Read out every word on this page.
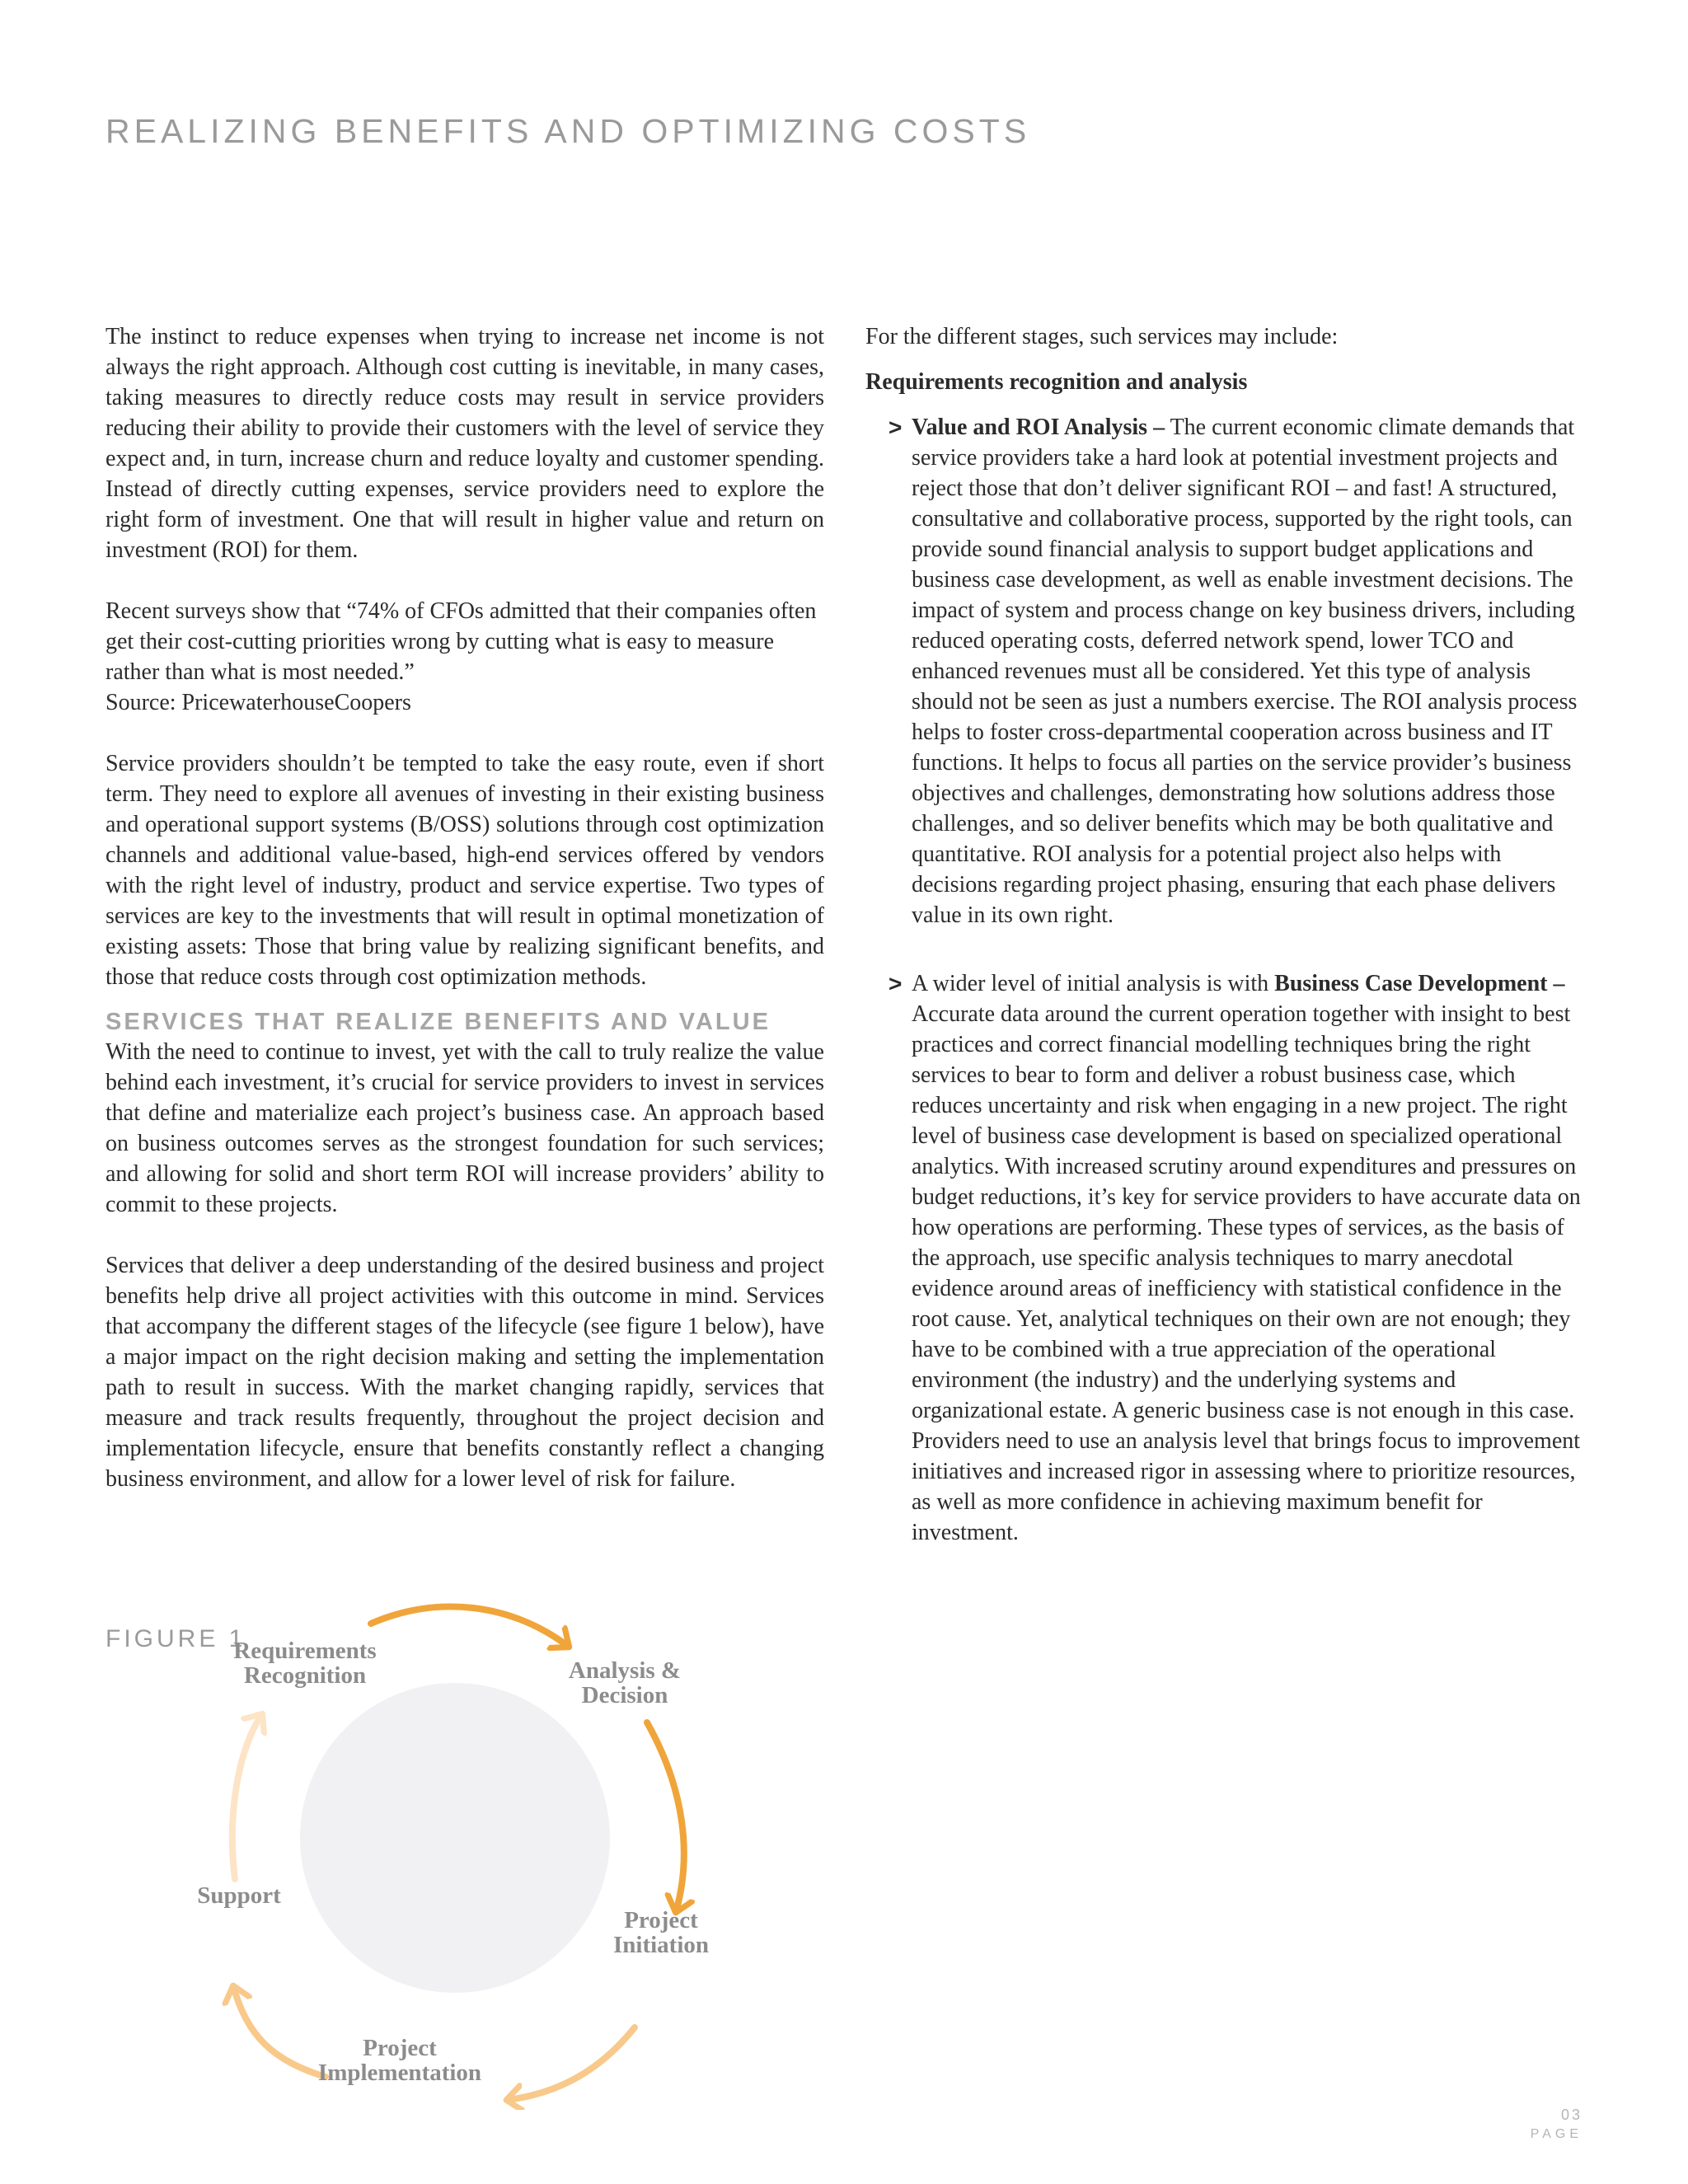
REALIZING BENEFITS AND OPTIMIZING COSTS

The instinct to reduce expenses when trying to increase net income is not always the right approach. Although cost cutting is inevitable, in many cases, taking measures to directly reduce costs may result in service providers reducing their ability to provide their customers with the level of service they expect and, in turn, increase churn and reduce loyalty and customer spending. Instead of directly cutting expenses, service providers need to explore the right form of investment. One that will result in higher value and return on investment (ROI) for them.

Recent surveys show that “74% of CFOs admitted that their companies often get their cost-cutting priorities wrong by cutting what is easy to measure rather than what is most needed.”

Source: PricewaterhouseCoopers

Service providers shouldn’t be tempted to take the easy route, even if short term. They need to explore all avenues of investing in their existing business and operational support systems (B/OSS) solutions through cost optimization channels and additional value-based, high-end services offered by vendors with the right level of industry, product and service expertise. Two types of services are key to the investments that will result in optimal monetization of existing assets: Those that bring value by realizing significant benefits, and those that reduce costs through cost optimization methods.

SERVICES THAT REALIZE BENEFITS AND VALUE

With the need to continue to invest, yet with the call to truly realize the value behind each investment, it’s crucial for service providers to invest in services that define and materialize each project’s business case. An approach based on business outcomes serves as the strongest foundation for such services; and allowing for solid and short term ROI will increase providers’ ability to commit to these projects.

Services that deliver a deep understanding of the desired business and project benefits help drive all project activities with this outcome in mind. Services that accompany the different stages of the lifecycle (see figure 1 below), have a major impact on the right decision making and setting the implementation path to result in success. With the market changing rapidly, services that measure and track results frequently, throughout the project decision and implementation lifecycle, ensure that benefits constantly reflect a changing business environment, and allow for a lower level of risk for failure.

FIGURE 1

Requirements
Recognition	Analysis &
Decision
Project
Initiation
Project
Implementation
Support

For the different stages, such services may include:

Requirements recognition and analysis

> Value and ROI Analysis – The current economic climate demands that service providers take a hard look at potential investment projects and reject those that don’t deliver significant ROI – and fast! A structured, consultative and collaborative process, supported by the right tools, can provide sound financial analysis to support budget applications and business case development, as well as enable investment decisions. The impact of system and process change on key business drivers, including reduced operating costs, deferred network spend, lower TCO and enhanced revenues must all be considered. Yet this type of analysis should not be seen as just a numbers exercise. The ROI analysis process helps to foster cross-departmental cooperation across business and IT functions. It helps to focus all parties on the service provider’s business objectives and challenges, demonstrating how solutions address those challenges, and so deliver benefits which may be both qualitative and quantitative. ROI analysis for a potential project also helps with decisions regarding project phasing, ensuring that each phase delivers value in its own right.
> A wider level of initial analysis is with Business Case Development – Accurate data around the current operation together with insight to best practices and correct financial modelling techniques bring the right services to bear to form and deliver a robust business case, which reduces uncertainty and risk when engaging in a new project. The right level of business case development is based on specialized operational analytics. With increased scrutiny around expenditures and pressures on budget reductions, it’s key for service providers to have accurate data on how operations are performing. These types of services, as the basis of the approach, use specific analysis techniques to marry anecdotal evidence around areas of inefficiency with statistical confidence in the root cause. Yet, analytical techniques on their own are not enough; they have to be combined with a true appreciation of the operational environment (the industry) and the underlying systems and organizational estate. A generic business case is not enough in this case. Providers need to use an analysis level that brings focus to improvement initiatives and increased rigor in assessing where to prioritize resources, as well as more confidence in achieving maximum benefit for investment.
03
PAGE
